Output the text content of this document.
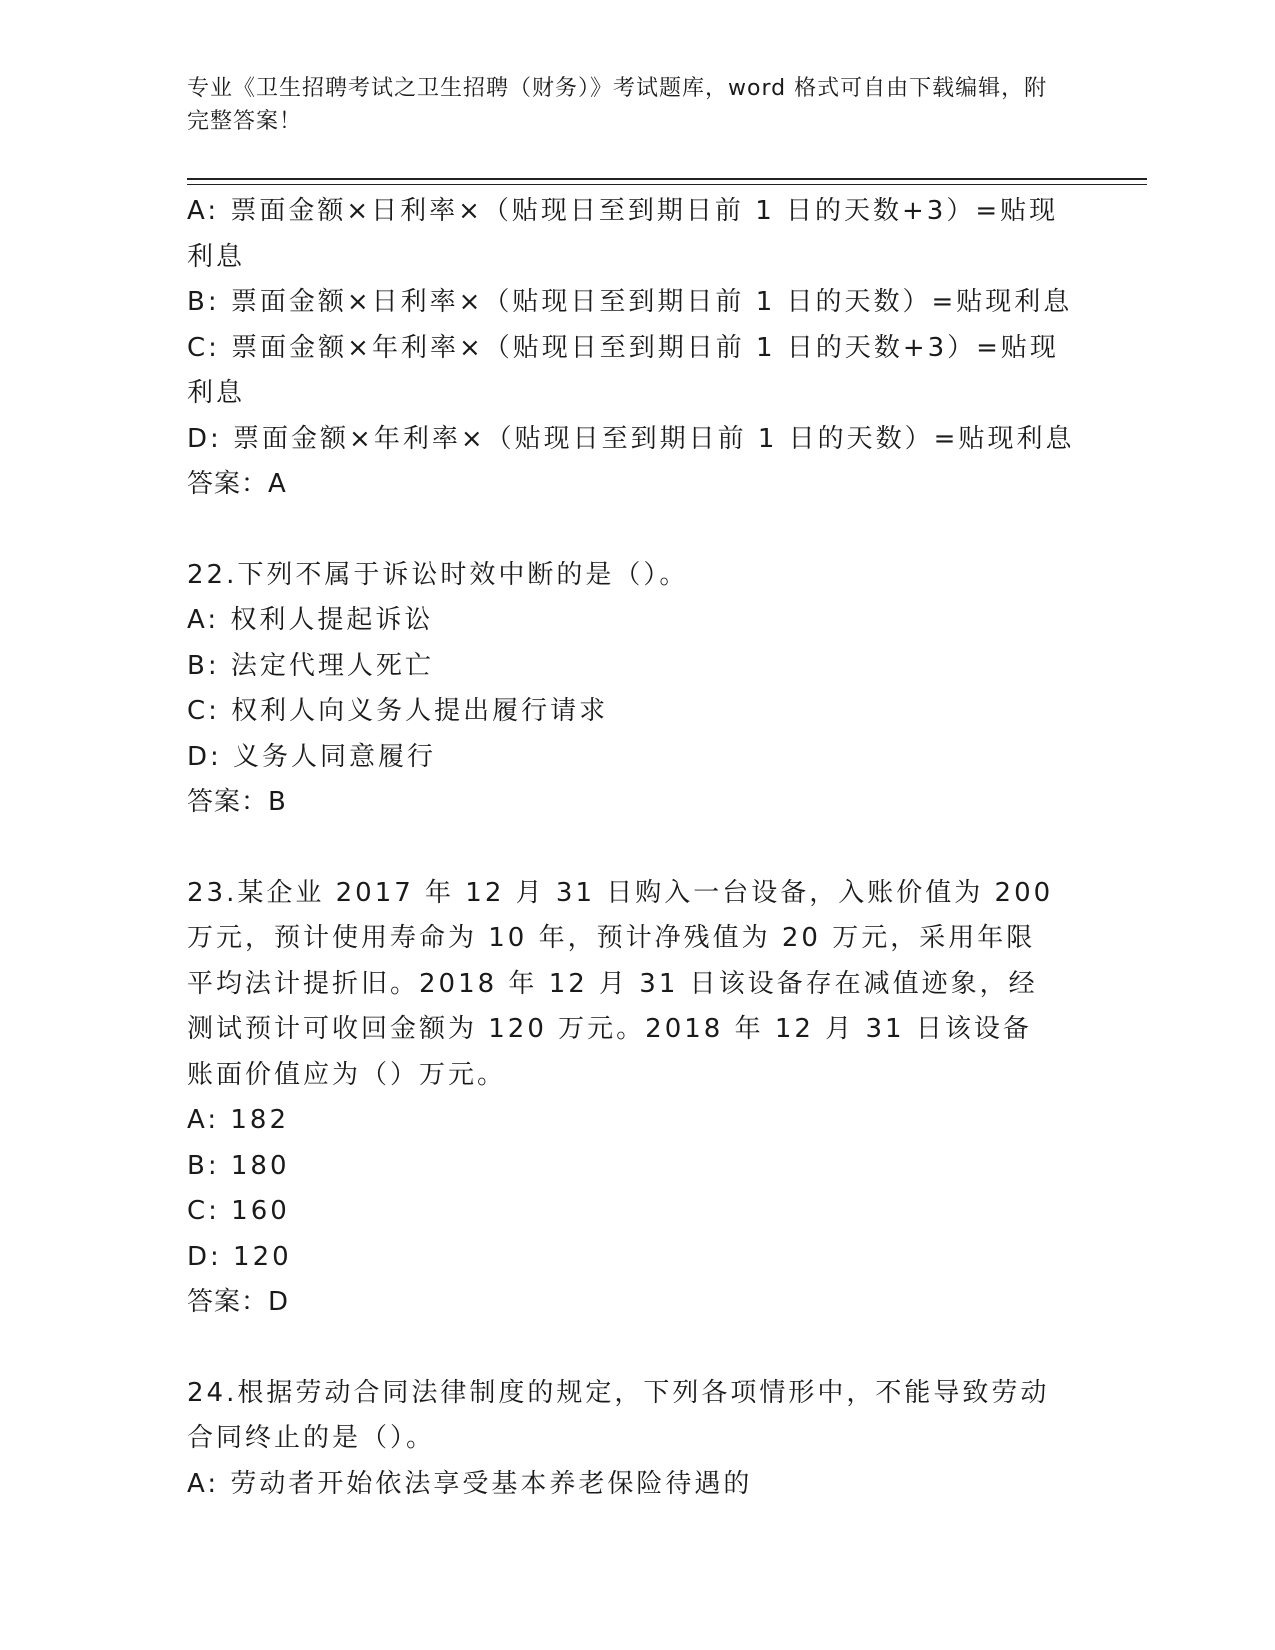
专业《卫生招聘考试之卫生招聘（财务）》考试题库，word 格式可自由下载编辑，附完整答案！
A: 票面金额×日利率×（贴现日至到期日前 1 日的天数+3）=贴现利息
B: 票面金额×日利率×（贴现日至到期日前 1 日的天数）=贴现利息
C: 票面金额×年利率×（贴现日至到期日前 1 日的天数+3）=贴现利息
D: 票面金额×年利率×（贴现日至到期日前 1 日的天数）=贴现利息
答案：A
22.下列不属于诉讼时效中断的是（）。
A: 权利人提起诉讼
B: 法定代理人死亡
C: 权利人向义务人提出履行请求
D: 义务人同意履行
答案：B
23.某企业 2017 年 12 月 31 日购入一台设备，入账价值为 200 万元，预计使用寿命为 10 年，预计净残值为 20 万元，采用年限平均法计提折旧。2018 年 12 月 31 日该设备存在减值迹象，经测试预计可收回金额为 120 万元。2018 年 12 月 31 日该设备账面价值应为（）万元。
A: 182
B: 180
C: 160
D: 120
答案：D
24.根据劳动合同法律制度的规定，下列各项情形中，不能导致劳动合同终止的是（）。
A: 劳动者开始依法享受基本养老保险待遇的
